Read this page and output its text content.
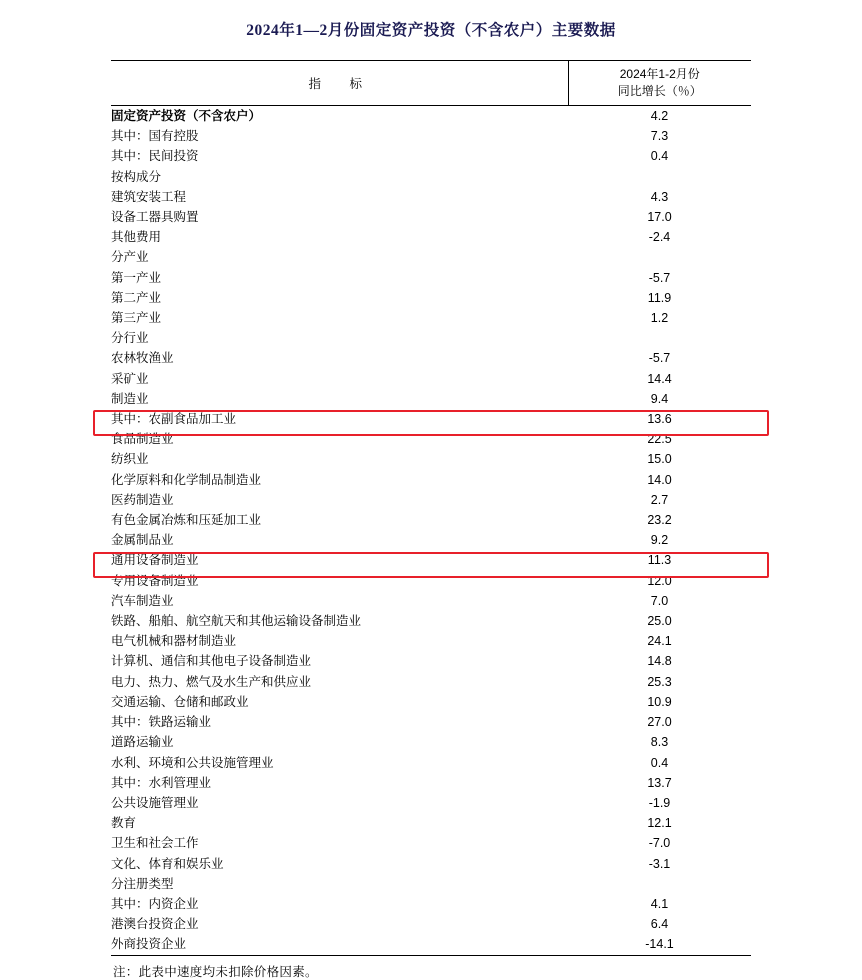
2024年1—2月份固定资产投资（不含农户）主要数据
指　标	2024年1-2月份
同比增长（％）

固定资产投资（不含农户）	4.2
其中：国有控股	7.3
其中：民间投资	0.4
按构成分	
建筑安装工程	4.3
设备工器具购置	17.0
其他费用	-2.4
分产业	
第一产业	-5.7
第二产业	11.9
第三产业	1.2
分行业	
农林牧渔业	-5.7
采矿业	14.4
制造业	9.4
其中：农副食品加工业	13.6
食品制造业	22.5
纺织业	15.0
化学原料和化学制品制造业	14.0
医药制造业	2.7
有色金属冶炼和压延加工业	23.2
金属制品业	9.2
通用设备制造业	11.3
专用设备制造业	12.0
汽车制造业	7.0
铁路、船舶、航空航天和其他运输设备制造业	25.0
电气机械和器材制造业	24.1
计算机、通信和其他电子设备制造业	14.8
电力、热力、燃气及水生产和供应业	25.3
交通运输、仓储和邮政业	10.9
其中：铁路运输业	27.0
道路运输业	8.3
水利、环境和公共设施管理业	0.4
其中：水利管理业	13.7
公共设施管理业	-1.9
教育	12.1
卫生和社会工作	-7.0
文化、体育和娱乐业	-3.1
分注册类型	
其中：内资企业	4.1
港澳台投资企业	6.4
外商投资企业	-14.1
注：此表中速度均未扣除价格因素。
